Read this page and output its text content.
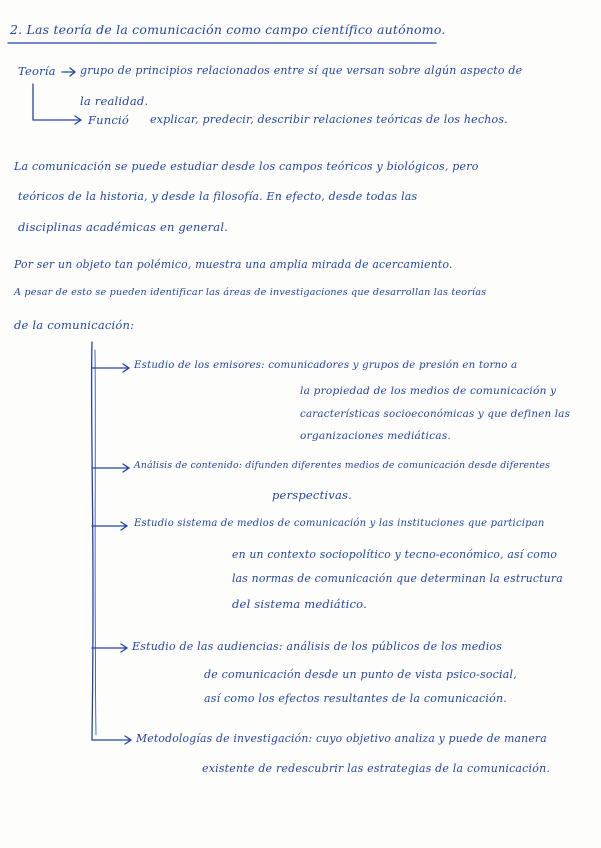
2. Las teoría de la comunicación como campo científico autónomo.
Teoría grupo de principios relacionados entre sí que versan sobre algún aspecto de
la realidad.
Funció explicar, predecir, describir relaciones teóricas de los hechos.
La comunicación se puede estudiar desde los campos teóricos y biológicos, pero
teóricos de la historia, y desde la filosofía. En efecto, desde todas las
disciplinas académicas en general.
Por ser un objeto tan polémico, muestra una amplia mirada de acercamiento.
A pesar de esto se pueden identificar las áreas de investigaciones que desarrollan las teorías
de la comunicación:
Estudio de los emisores: comunicadores y grupos de presión en torno a
la propiedad de los medios de comunicación y
características socioeconómicas y que definen las
organizaciones mediáticas.
Análisis de contenido: difunden diferentes medios de comunicación desde diferentes
perspectivas.
Estudio sistema de medios de comunicación y las instituciones que participan
en un contexto sociopolítico y tecno-económico, así como
las normas de comunicación que determinan la estructura
del sistema mediático.
Estudio de las audiencias: análisis de los públicos de los medios
de comunicación desde un punto de vista psico-social,
así como los efectos resultantes de la comunicación.
Metodologías de investigación: cuyo objetivo analiza y puede de manera
existente de redescubrir las estrategias de la comunicación.
